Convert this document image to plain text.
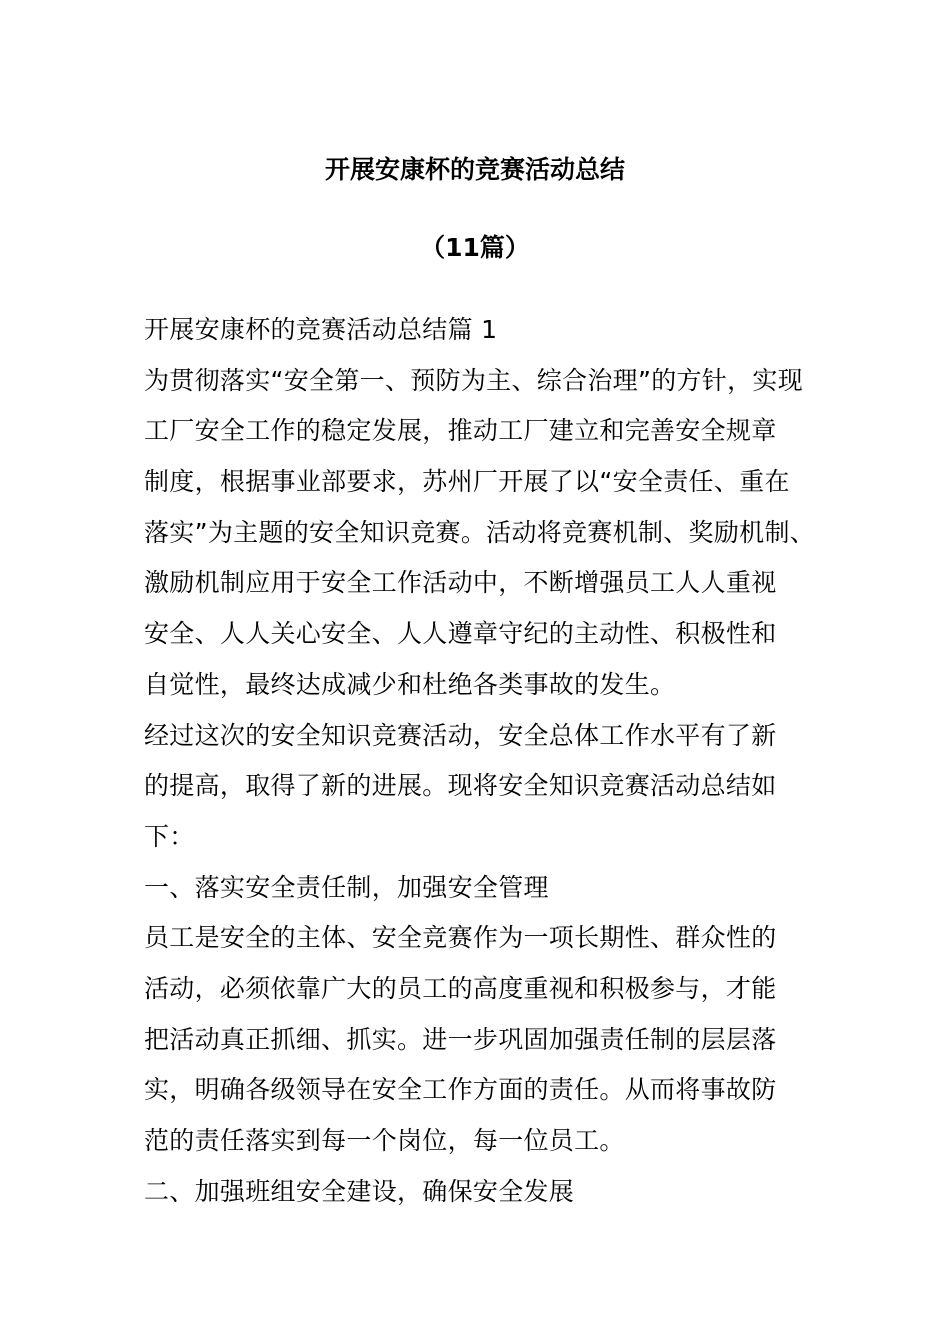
开展安康杯的竞赛活动总结
（11篇）
开展安康杯的竞赛活动总结篇 1
为贯彻落实“安全第一、预防为主、综合治理”的方针，实现
工厂安全工作的稳定发展，推动工厂建立和完善安全规章
制度，根据事业部要求，苏州厂开展了以“安全责任、重在
落实”为主题的安全知识竞赛。活动将竞赛机制、奖励机制、
激励机制应用于安全工作活动中，不断增强员工人人重视
安全、人人关心安全、人人遵章守纪的主动性、积极性和
自觉性，最终达成减少和杜绝各类事故的发生。
经过这次的安全知识竞赛活动，安全总体工作水平有了新
的提高，取得了新的进展。现将安全知识竞赛活动总结如
下：
一、落实安全责任制，加强安全管理
员工是安全的主体、安全竞赛作为一项长期性、群众性的
活动，必须依靠广大的员工的高度重视和积极参与，才能
把活动真正抓细、抓实。进一步巩固加强责任制的层层落
实，明确各级领导在安全工作方面的责任。从而将事故防
范的责任落实到每一个岗位，每一位员工。
二、加强班组安全建设，确保安全发展
